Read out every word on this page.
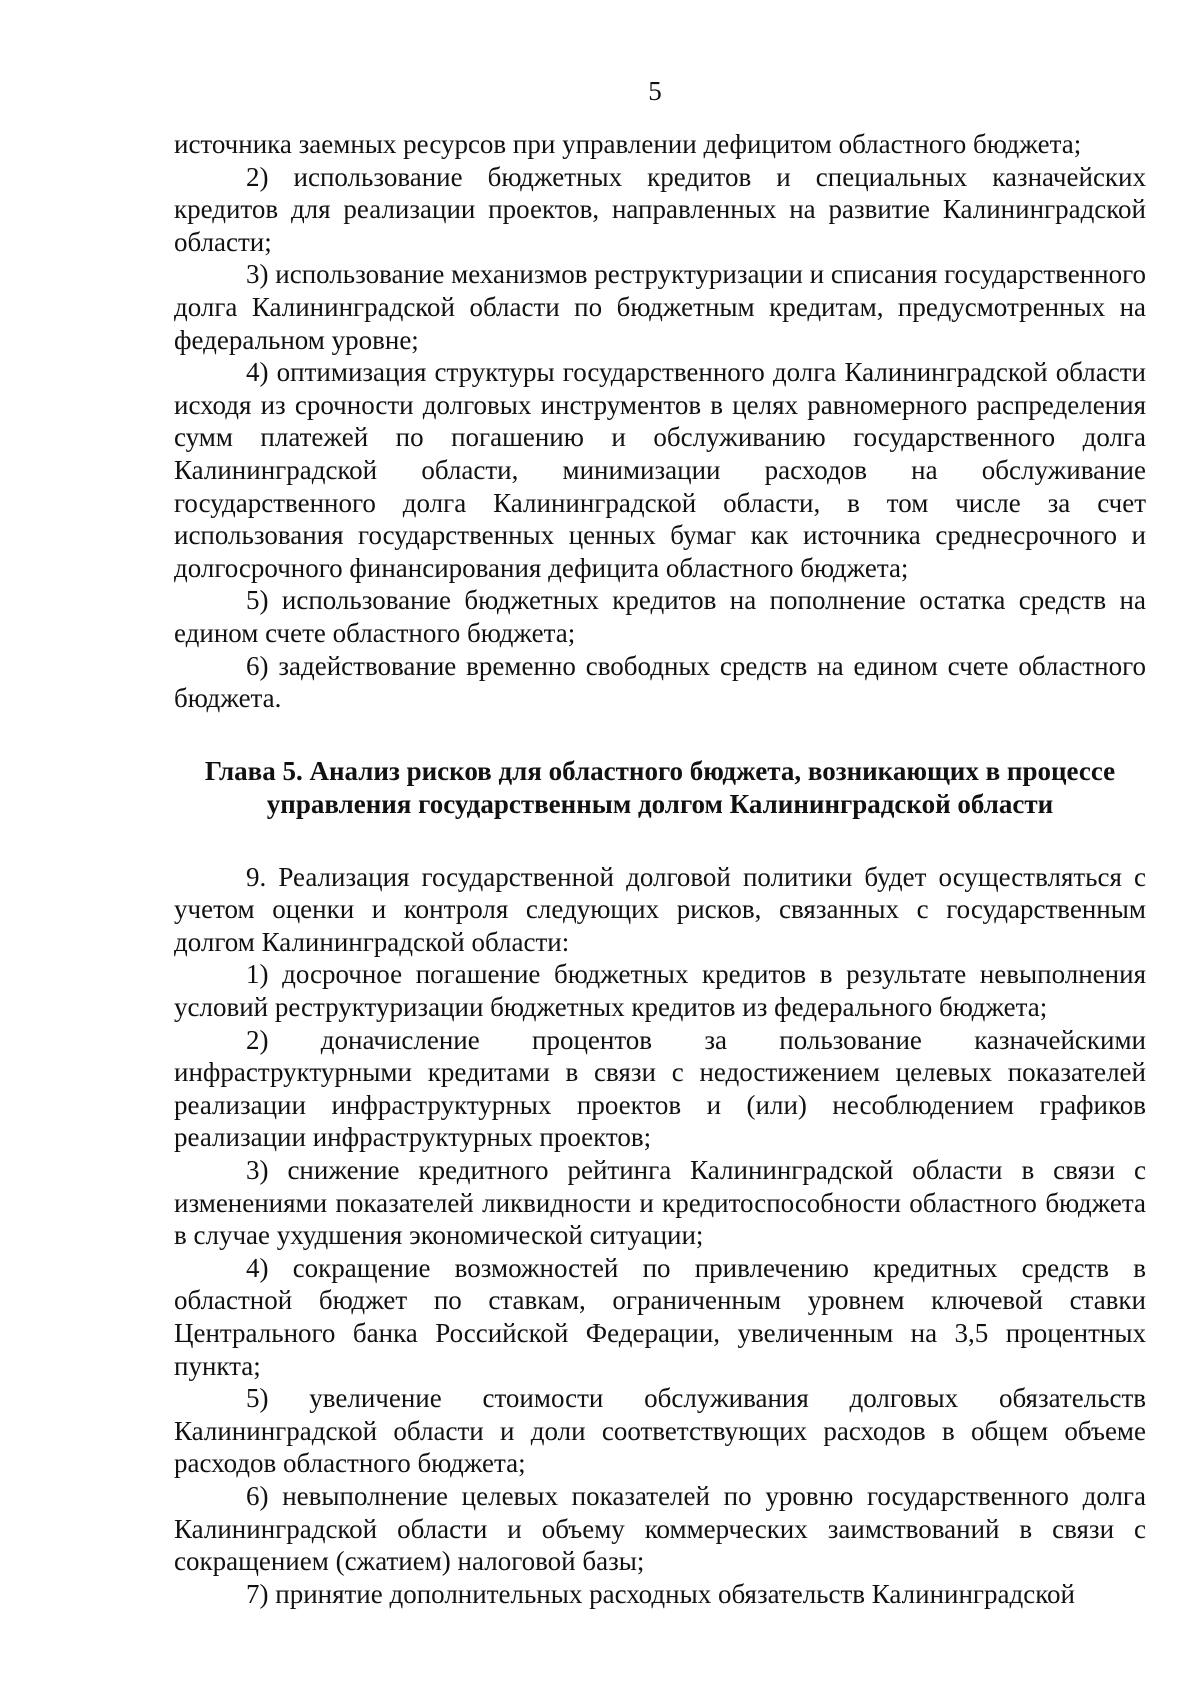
5

источника заемных ресурсов при управлении дефицитом областного бюджета;

2) использование бюджетных кредитов и специальных казначейских кредитов для реализации проектов, направленных на развитие Калининградской области;

3) использование механизмов реструктуризации и списания государственного долга Калининградской области по бюджетным кредитам, предусмотренных на федеральном уровне;

4) оптимизация структуры государственного долга Калининградской области исходя из срочности долговых инструментов в целях равномерного распределения сумм платежей по погашению и обслуживанию государственного долга Калининградской области, минимизации расходов на обслуживание государственного долга Калининградской области, в том числе за счет использования государственных ценных бумаг как источника среднесрочного и долгосрочного финансирования дефицита областного бюджета;

5) использование бюджетных кредитов на пополнение остатка средств на едином счете областного бюджета;

6) задействование временно свободных средств на едином счете областного бюджета.

Глава 5. Анализ рисков для областного бюджета, возникающих в процессе
управления государственным долгом Калининградской области

9. Реализация государственной долговой политики будет осуществляться с учетом оценки и контроля следующих рисков, связанных с государственным долгом Калининградской области:

1) досрочное погашение бюджетных кредитов в результате невыполнения условий реструктуризации бюджетных кредитов из федерального бюджета;

2) доначисление процентов за пользование казначейскими инфраструктурными кредитами в связи с недостижением целевых показателей реализации инфраструктурных проектов и (или) несоблюдением графиков реализации инфраструктурных проектов;

3) снижение кредитного рейтинга Калининградской области в связи с изменениями показателей ликвидности и кредитоспособности областного бюджета в случае ухудшения экономической ситуации;

4) сокращение возможностей по привлечению кредитных средств в областной бюджет по ставкам, ограниченным уровнем ключевой ставки Центрального банка Российской Федерации, увеличенным на 3,5 процентных пункта;

5) увеличение стоимости обслуживания долговых обязательств Калининградской области и доли соответствующих расходов в общем объеме расходов областного бюджета;

6) невыполнение целевых показателей по уровню государственного долга Калининградской области и объему коммерческих заимствований в связи с сокращением (сжатием) налоговой базы;

7) принятие дополнительных расходных обязательств Калининградской
